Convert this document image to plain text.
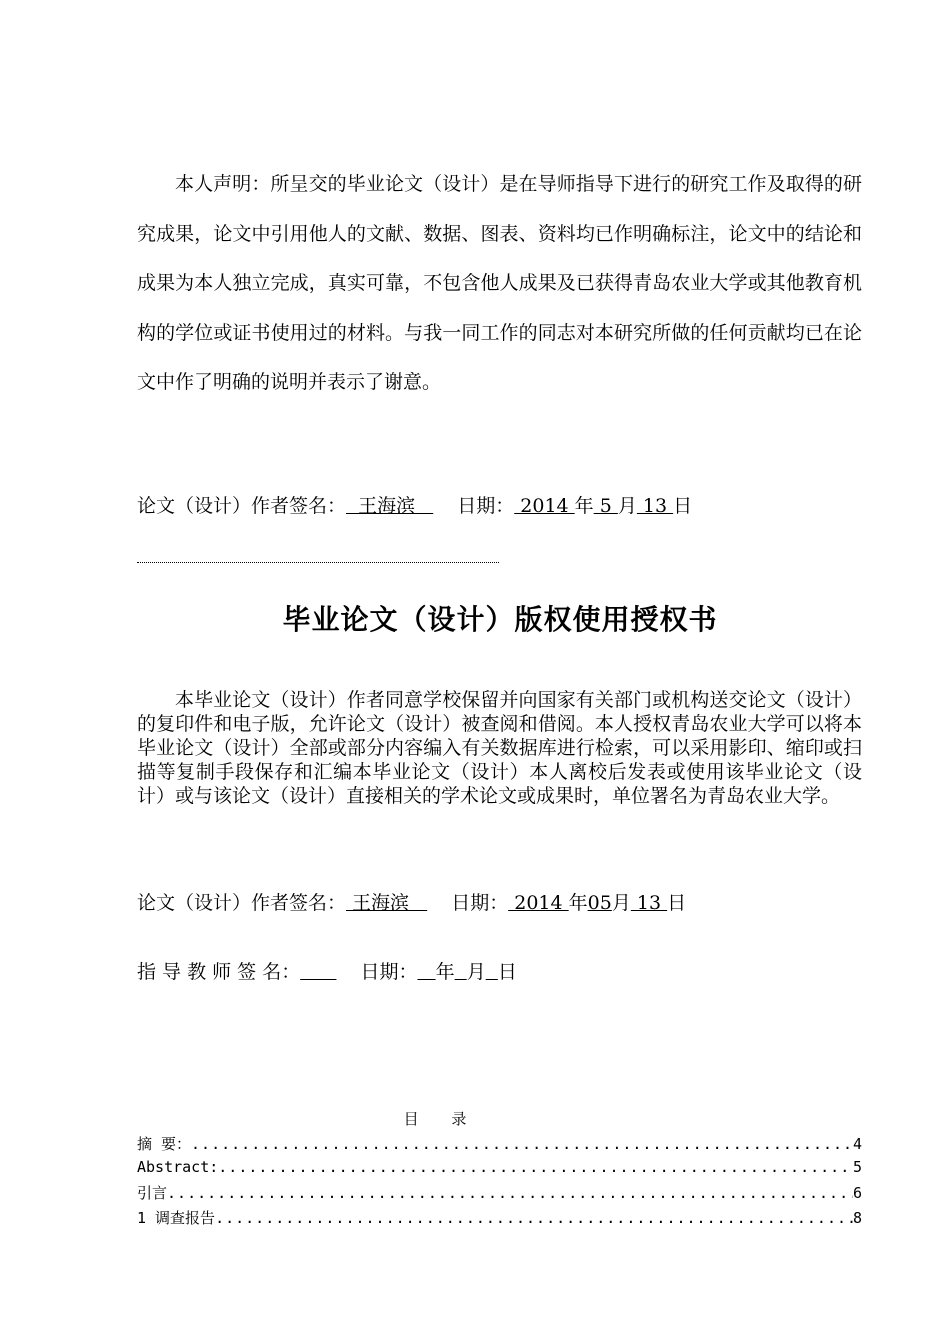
本人声明：所呈交的毕业论文（设计）是在导师指导下进行的研究工作及取得的研究成果，论文中引用他人的文献、数据、图表、资料均已作明确标注，论文中的结论和成果为本人独立完成，真实可靠，不包含他人成果及已获得青岛农业大学或其他教育机构的学位或证书使用过的材料。与我一同工作的同志对本研究所做的任何贡献均已在论文中作了明确的说明并表示了谢意。

论文（设计）作者签名：  王海滨   日期： 2014 年 5 月 13 日
毕业论文（设计）版权使用授权书

本毕业论文（设计）作者同意学校保留并向国家有关部门或机构送交论文（设计）的复印件和电子版，允许论文（设计）被查阅和借阅。本人授权青岛农业大学可以将本毕业论文（设计）全部或部分内容编入有关数据库进行检索，可以采用影印、缩印或扫描等复制手段保存和汇编本毕业论文（设计）本人离校后发表或使用该毕业论文（设计）或与该论文（设计）直接相关的学术论文或成果时，单位署名为青岛农业大学。

论文（设计）作者签名： 王海滨   日期： 2014 年05月 13 日
指 导 教 师 签 名：	日期： 年 月 日
目 录
摘 要： .....	4
Abstract: .....	5
引言 .....	6
1 调查报告 .....	8
